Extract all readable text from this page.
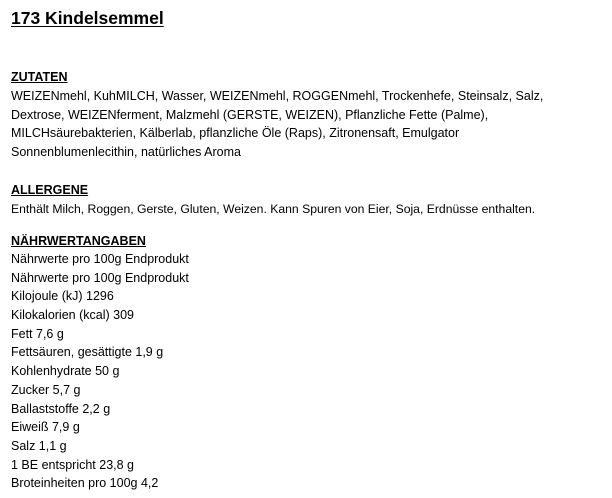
173 Kindelsemmel
ZUTATEN
WEIZENmehl, KuhMILCH, Wasser, WEIZENmehl, ROGGENmehl, Trockenhefe, Steinsalz, Salz,
Dextrose, WEIZENferment, Malzmehl (GERSTE, WEIZEN), Pflanzliche Fette (Palme),
MILCHsäurebakterien, Kälberlab, pflanzliche Öle (Raps), Zitronensaft, Emulgator
Sonnenblumenlecithin, natürliches Aroma
ALLERGENE
Enthält Milch, Roggen, Gerste, Gluten, Weizen. Kann Spuren von Eier, Soja, Erdnüsse enthalten.
NÄHRWERTANGABEN
Nährwerte pro 100g Endprodukt
Nährwerte pro 100g Endprodukt
Kilojoule (kJ) 1296
Kilokalorien (kcal) 309
Fett 7,6 g
Fettsäuren, gesättigte 1,9 g
Kohlenhydrate 50 g
Zucker 5,7 g
Ballaststoffe 2,2 g
Eiweiß 7,9 g
Salz 1,1 g
1 BE entspricht 23,8 g
Broteinheiten pro 100g 4,2
